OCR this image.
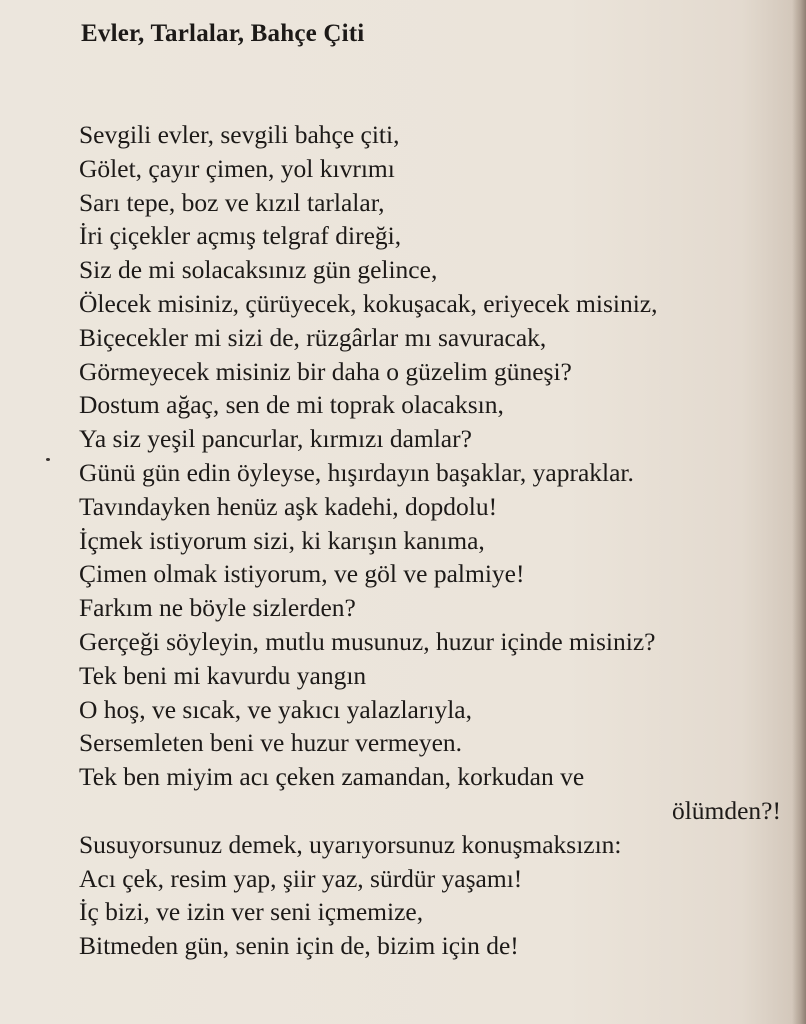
Evler, Tarlalar, Bahçe Çiti
Sevgili evler, sevgili bahçe çiti,
Gölet, çayır çimen, yol kıvrımı
Sarı tepe, boz ve kızıl tarlalar,
İri çiçekler açmış telgraf direği,
Siz de mi solacaksınız gün gelince,
Ölecek misiniz, çürüyecek, kokuşacak, eriyecek misiniz,
Biçecekler mi sizi de, rüzgârlar mı savuracak,
Görmeyecek misiniz bir daha o güzelim güneşi?
Dostum ağaç, sen de mi toprak olacaksın,
Ya siz yeşil pancurlar, kırmızı damlar?
Günü gün edin öyleyse, hışırdayın başaklar, yapraklar.
Tavındayken henüz aşk kadehi, dopdolu!
İçmek istiyorum sizi, ki karışın kanıma,
Çimen olmak istiyorum, ve göl ve palmiye!
Farkım ne böyle sizlerden?
Gerçeği söyleyin, mutlu musunuz, huzur içinde misiniz?
Tek beni mi kavurdu yangın
O hoş, ve sıcak, ve yakıcı yalazlarıyla,
Sersemleten beni ve huzur vermeyen.
Tek ben miyim acı çeken zamandan, korkudan ve
ölümden?!
Susuyorsunuz demek, uyarıyorsunuz konuşmaksızın:
Acı çek, resim yap, şiir yaz, sürdür yaşamı!
İç bizi, ve izin ver seni içmemize,
Bitmeden gün, senin için de, bizim için de!
